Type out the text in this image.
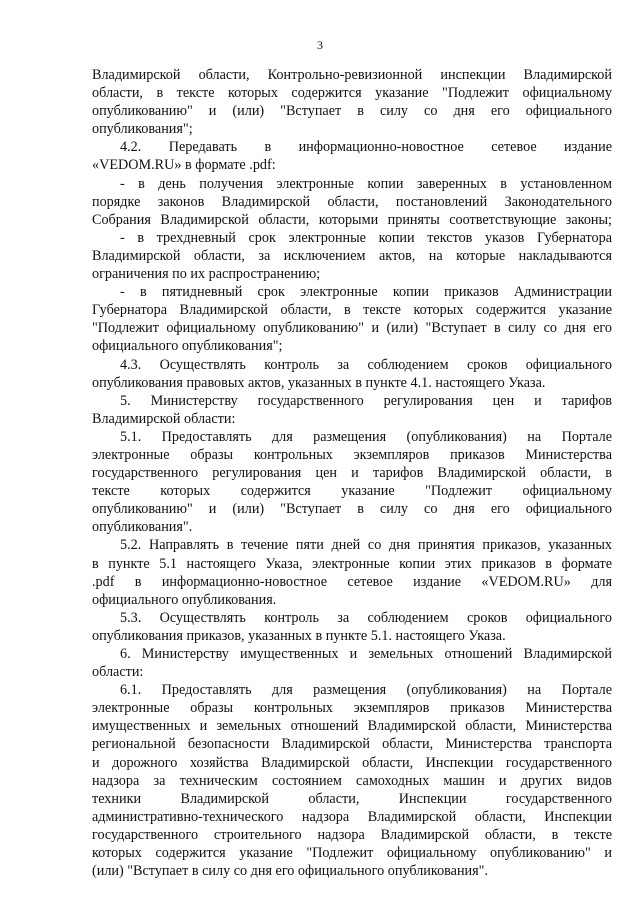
3
Владимирской области, Контрольно-ревизионной инспекции Владимирской
области, в тексте которых содержится указание "Подлежит официальному
опубликованию" и (или) "Вступает в силу со дня его официального
опубликования";
4.2. Передавать в информационно-новостное сетевое издание
«VEDOM.RU» в формате .pdf:
- в день получения электронные копии заверенных в установленном
порядке законов Владимирской области, постановлений Законодательного
Собрания Владимирской области, которыми приняты соответствующие законы;
- в трехдневный срок электронные копии текстов указов Губернатора
Владимирской области, за исключением актов, на которые накладываются
ограничения по их распространению;
- в пятидневный срок электронные копии приказов Администрации
Губернатора Владимирской области, в тексте которых содержится указание
"Подлежит официальному опубликованию" и (или) "Вступает в силу со дня его
официального опубликования";
4.3. Осуществлять контроль за соблюдением сроков официального
опубликования правовых актов, указанных в пункте 4.1. настоящего Указа.
5. Министерству государственного регулирования цен и тарифов
Владимирской области:
5.1. Предоставлять для размещения (опубликования) на Портале
электронные образы контрольных экземпляров приказов Министерства
государственного регулирования цен и тарифов Владимирской области, в
тексте которых содержится указание "Подлежит официальному
опубликованию" и (или) "Вступает в силу со дня его официального
опубликования".
5.2. Направлять в течение пяти дней со дня принятия приказов, указанных
в пункте 5.1 настоящего Указа, электронные копии этих приказов в формате
.pdf в информационно-новостное сетевое издание «VEDOM.RU» для
официального опубликования.
5.3. Осуществлять контроль за соблюдением сроков официального
опубликования приказов, указанных в пункте 5.1. настоящего Указа.
6. Министерству имущественных и земельных отношений Владимирской
области:
6.1. Предоставлять для размещения (опубликования) на Портале
электронные образы контрольных экземпляров приказов Министерства
имущественных и земельных отношений Владимирской области, Министерства
региональной безопасности Владимирской области, Министерства транспорта
и дорожного хозяйства Владимирской области, Инспекции государственного
надзора за техническим состоянием самоходных машин и других видов
техники Владимирской области, Инспекции государственного
административно-технического надзора Владимирской области, Инспекции
государственного строительного надзора Владимирской области, в тексте
которых содержится указание "Подлежит официальному опубликованию" и
(или) "Вступает в силу со дня его официального опубликования".
